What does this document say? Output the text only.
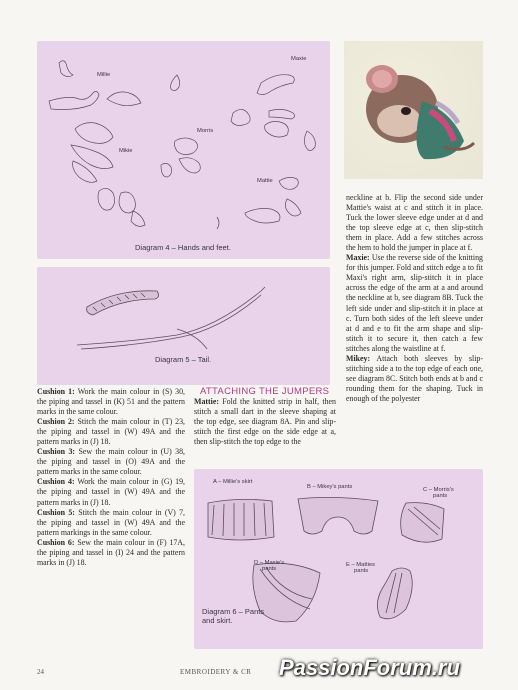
Millie
Maxie
Morris
Mikie
Mattie
Diagram 4 – Hands and feet.
Diagram 5 – Tail.

Cushion 1: Work the main colour in (S) 30, the piping and tassel in (K) 51 and the pattern marks in the same colour.

Cushion 2: Stitch the main colour in (T) 23, the piping and tassel in (W) 49A and the pattern marks in (J) 18.

Cushion 3: Sew the main colour in (U) 38, the piping and tassel in (O) 49A and the pattern marks in the same colour.

Cushion 4: Work the main colour in (G) 19, the piping and tassel in (W) 49A and the pattern marks in (J) 18.

Cushion 5: Stitch the main colour in (V) 7, the piping and tassel in (W) 49A and the pattern markings in the same colour.

Cushion 6: Sew the main colour in (F) 17A, the piping and tassel in (I) 24 and the pattern marks in (J) 18.

ATTACHING THE JUMPERS

Mattie: Fold the knitted strip in half, then stitch a small dart in the sleeve shaping at the top edge, see diagram 8A. Pin and slip-stitch the first edge on the side edge at a, then slip-stitch the top edge to the

neckline at b. Flip the second side under Mattie's waist at c and stitch it in place. Tuck the lower sleeve edge under at d and the top sleeve edge at c, then slip-stitch them in place. Add a few stitches across the hem to hold the jumper in place at f.

Maxie: Use the reverse side of the knitting for this jumper. Fold and stitch edge a to fit Maxi's right arm, slip-stitch it in place across the edge of the arm at a and around the neckline at b, see diagram 8B. Tuck the left side under and slip-stitch it in place at c. Turn both sides of the left sleeve under at d and e to fit the arm shape and slip-stitch it to secure it, then catch a few stitches along the waistline at f.

Mikey: Attach both sleeves by slip-stitching side a to the top edge of each one, see diagram 8C. Stitch both ends at b and c rounding them for the shaping. Tuck in enough of the polyester

A – Millie's skirt
B – Mikey's pants	C – Morris's
pants
D – Maxie's
pants
E – Matties
pants
Diagram 6 – Pants
and skirt.
24	EMBROIDERY & CR PassionForum.ru
